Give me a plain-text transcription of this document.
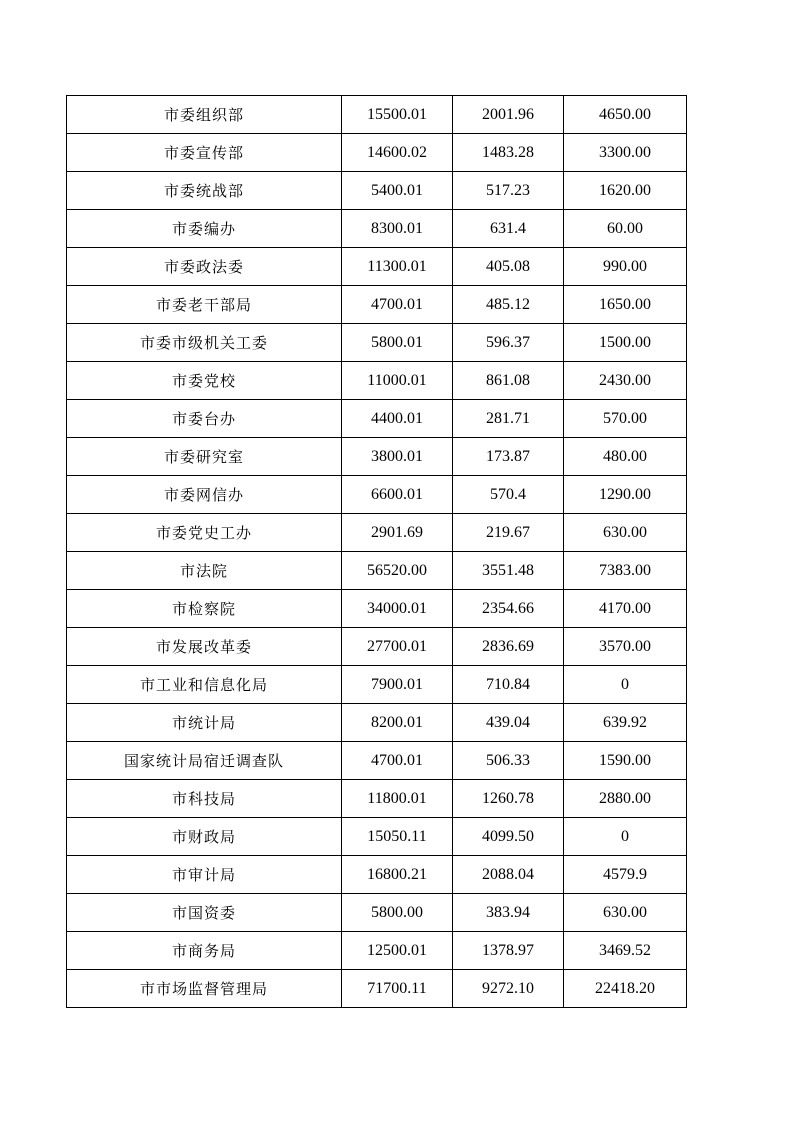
市委组织部	15500.01	2001.96	4650.00
市委宣传部	14600.02	1483.28	3300.00
市委统战部	5400.01	517.23	1620.00
市委编办	8300.01	631.4	60.00
市委政法委	11300.01	405.08	990.00
市委老干部局	4700.01	485.12	1650.00
市委市级机关工委	5800.01	596.37	1500.00
市委党校	11000.01	861.08	2430.00
市委台办	4400.01	281.71	570.00
市委研究室	3800.01	173.87	480.00
市委网信办	6600.01	570.4	1290.00
市委党史工办	2901.69	219.67	630.00
市法院	56520.00	3551.48	7383.00
市检察院	34000.01	2354.66	4170.00
市发展改革委	27700.01	2836.69	3570.00
市工业和信息化局	7900.01	710.84	0
市统计局	8200.01	439.04	639.92
国家统计局宿迁调查队	4700.01	506.33	1590.00
市科技局	11800.01	1260.78	2880.00
市财政局	15050.11	4099.50	0
市审计局	16800.21	2088.04	4579.9
市国资委	5800.00	383.94	630.00
市商务局	12500.01	1378.97	3469.52
市市场监督管理局	71700.11	9272.10	22418.20
